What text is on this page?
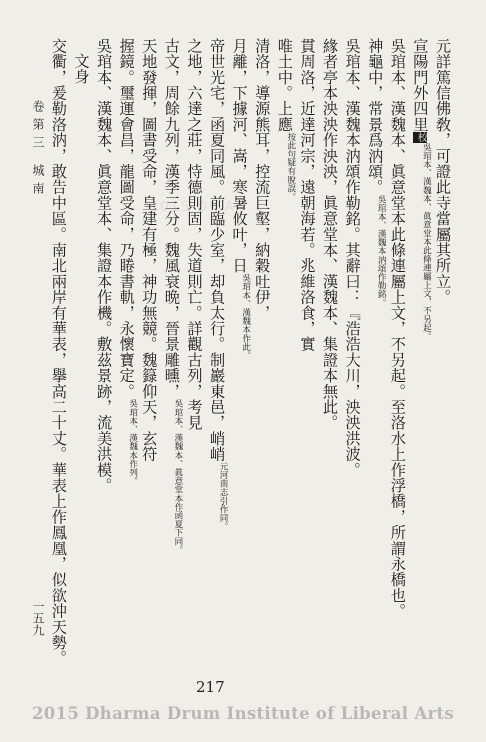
2015 DILA	元詳篤信佛敎，可證此寺當屬其所立。
宣陽門外四里校$^{吳琯本、漢魏本、眞意堂本此條連屬上文,不另起。}$
吳琯本、漢魏本、眞意堂本此條連屬上文，不另起。至洛水上作浮橋，所謂永橋也。
神龜中，常景爲汭頌。$^{吳琯本、漢魏本汭頌作勒銘。}$
吳琯本、漢魏本汭頌作勒銘。其辭曰：『浩浩大川，泱泱洪波。
緣者亭本泱泱作泱泱，眞意堂本、漢魏本、集證本無此。
貫周洛，近達河宗，遠朝海若。兆維洛食，實
唯土中。上應$^{按此句疑有脫誤。}$
清洛，導源熊耳，控流巨壑，納穀吐伊，
月離，下據河、嵩，寒暑攸叶，日$^{吳琯本、漢魏本作此。}$
帝世光宅，函夏同風。前臨少室，却負太行。制巖東邑，峭峭$^{元河南志引作同。}$
之地，六達之莊，恃德則固，失道則亡。詳觀古列，考見
古文，周餘九列，漢季三分。魏風衰晩，晉景雕曛，$^{吳琯本、漢魏本、眞意堂本作函夏下同。}$
天地發揮，圖書受命，皇建有極，神功無競。魏籙仰天，玄符
握鏡。璽運會昌，龍圖受命，乃睠書軌，永懷寶定。$^{吳琯本、漢魏本作列。}$
吳琯本、漢魏本、眞意堂本、集證本作機。敷茲景跡，流美洪模。
文身
交衢，爰勒洛汭，敢告中區。南北兩岸有華表，擧高二十丈。華表上作鳳凰，似欲沖天勢。
卷第三 城南
一五九
217
2015 Dharma Drum Institute of Liberal Arts
